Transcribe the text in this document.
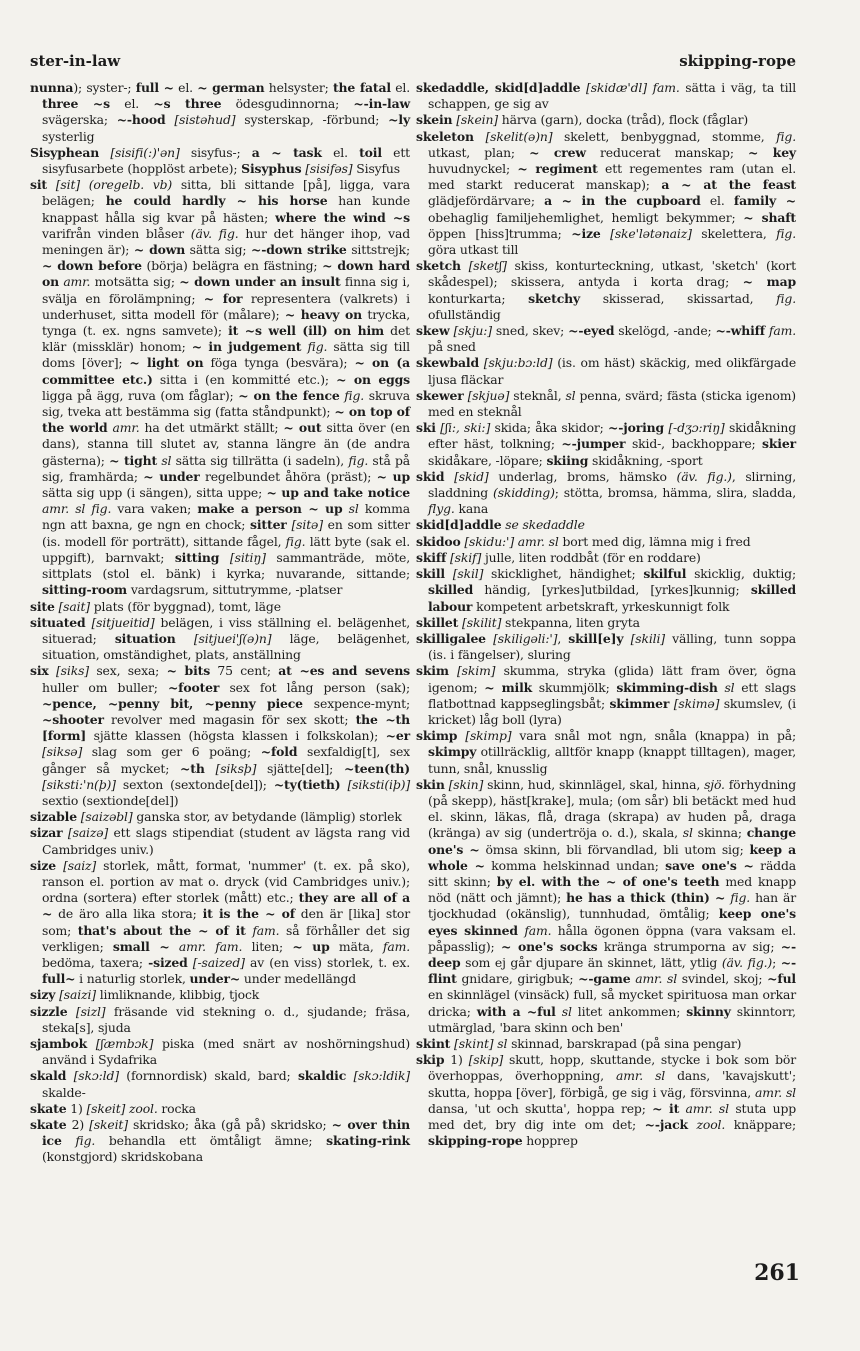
ster-in-law	skipping-rope

nunna); syster-; full ~ el. ~ german helsyster; the fatal el. three ~s el. ~s three ödesgudinnorna; ~-in-law svägerska; ~-hood [sistəhud] systerskap, -förbund; ~ly systerlig

Sisyphean [sisifi(:)'ən] sisyfus-; a ~ task el. toil ett sisyfusarbete (hopplöst arbete); Sisyphus [sisifəs] Sisyfus

sit [sit] (oregelb. vb) sitta, bli sittande [på], ligga, vara belägen; he could hardly ~ his horse han kunde knappast hålla sig kvar på hästen; where the wind ~s varifrån vinden blåser (äv. fig. hur det hänger ihop, vad meningen är); ~ down sätta sig; ~-down strike sittstrejk; ~ down before (börja) belägra en fästning; ~ down hard on amr. motsätta sig; ~ down under an insult finna sig i, svälja en förolämpning; ~ for representera (valkrets) i underhuset, sitta modell för (målare); ~ heavy on trycka, tynga (t. ex. ngns samvete); it ~s well (ill) on him det klär (missklär) honom; ~ in judgement fig. sätta sig till doms [över]; ~ light on föga tynga (besvära); ~ on (a committee etc.) sitta i (en kommitté etc.); ~ on eggs ligga på ägg, ruva (om fåglar); ~ on the fence fig. skruva sig, tveka att bestämma sig (fatta ståndpunkt); ~ on top of the world amr. ha det utmärkt ställt; ~ out sitta över (en dans), stanna till slutet av, stanna längre än (de andra gästerna); ~ tight sl sätta sig tillrätta (i sadeln), fig. stå på sig, framhärda; ~ under regelbundet åhöra (präst); ~ up sätta sig upp (i sängen), sitta uppe; ~ up and take notice amr. sl fig. vara vaken; make a person ~ up sl komma ngn att baxna, ge ngn en chock; sitter [sitə] en som sitter (is. modell för porträtt), sittande fågel, fig. lätt byte (sak el. uppgift), barnvakt; sitting [sitiŋ] sammanträde, möte, sittplats (stol el. bänk) i kyrka; nuvarande, sittande; sitting-room vardagsrum, sittutrymme, -platser

site [sait] plats (för byggnad), tomt, läge

situated [sitjueitid] belägen, i viss ställning el. belägenhet, situerad; situation [sitjuei'ʃ(ə)n] läge, belägenhet, situation, omständighet, plats, anställning

six [siks] sex, sexa; ~ bits 75 cent; at ~es and sevens huller om buller; ~footer sex fot lång person (sak); ~pence, ~penny bit, ~penny piece sexpence-mynt; ~shooter revolver med magasin för sex skott; the ~th [form] sjätte klassen (högsta klassen i folkskolan); ~er [siksə] slag som ger 6 poäng; ~fold sexfaldig[t], sex gånger så mycket; ~th [siksþ] sjätte[del]; ~teen(th) [siksti:'n(þ)] sexton (sextonde[del]); ~ty(tieth) [siksti(iþ)] sextio (sextionde[del])

sizable [saizəbl] ganska stor, av betydande (lämplig) storlek

sizar [saizə] ett slags stipendiat (student av lägsta rang vid Cambridges univ.)

size [saiz] storlek, mått, format, 'nummer' (t. ex. på sko), ranson el. portion av mat o. dryck (vid Cambridges univ.); ordna (sortera) efter storlek (mått) etc.; they are all of a ~ de äro alla lika stora; it is the ~ of den är [lika] stor som; that's about the ~ of it fam. så förhåller det sig verkligen; small ~ amr. fam. liten; ~ up mäta, fam. bedöma, taxera; -sized [-saized] av (en viss) storlek, t. ex. full~ i naturlig storlek, under~ under medellängd

sizy [saizi] limliknande, klibbig, tjock

sizzle [sizl] fräsande vid stekning o. d., sjudande; fräsa, steka[s], sjuda

sjambok [ʃæmbɔk] piska (med snärt av noshörningshud) använd i Sydafrika

skald [skɔ:ld] (fornnordisk) skald, bard; skaldic [skɔ:ldik] skalde-

skate 1) [skeit] zool. rocka

skate 2) [skeit] skridsko; åka (gå på) skridsko; ~ over thin ice fig. behandla ett ömtåligt ämne; skating-rink (konstgjord) skridskobana

skedaddle, skid[d]addle [skidæ'dl] fam. sätta i väg, ta till schappen, ge sig av

skein [skein] härva (garn), docka (tråd), flock (fåglar)

skeleton [skelit(ə)n] skelett, benbyggnad, stomme, fig. utkast, plan; ~ crew reducerat manskap; ~ key huvudnyckel; ~ regiment ett regementes ram (utan el. med starkt reducerat manskap); a ~ at the feast glädjefördärvare; a ~ in the cupboard el. family ~ obehaglig familjehemlighet, hemligt bekymmer; ~ shaft öppen [hiss]trumma; ~ize [ske'lətənaiz] skelettera, fig. göra utkast till

sketch [sketʃ] skiss, konturteckning, utkast, 'sketch' (kort skådespel); skissera, antyda i korta drag; ~ map konturkarta; sketchy skisserad, skissartad, fig. ofullständig

skew [skju:] sned, skev; ~-eyed skelögd, -ande; ~-whiff fam. på sned

skewbald [skju:bɔ:ld] (is. om häst) skäckig, med olikfärgade ljusa fläckar

skewer [skjuə] steknål, sl penna, svärd; fästa (sticka igenom) med en steknål

ski [ʃi:, ski:] skida; åka skidor; ~-joring [-dʒɔ:riŋ] skidåkning efter häst, tolkning; ~-jumper skid-, backhoppare; skier skidåkare, -löpare; skiing skidåkning, -sport

skid [skid] underlag, broms, hämsko (äv. fig.), slirning, sladdning (skidding); stötta, bromsa, hämma, slira, sladda, flyg. kana

skid[d]addle se skedaddle

skidoo [skidu:'] amr. sl bort med dig, lämna mig i fred

skiff [skif] julle, liten roddbåt (för en roddare)

skill [skil] skicklighet, händighet; skilful skicklig, duktig; skilled händig, [yrkes]utbildad, [yrkes]kunnig; skilled labour kompetent arbetskraft, yrkeskunnigt folk

skillet [skilit] stekpanna, liten gryta

skilligalee [skiligəli:'], skill[e]y [skili] välling, tunn soppa (is. i fängelser), sluring

skim [skim] skumma, stryka (glida) lätt fram över, ögna igenom; ~ milk skummjölk; skimming-dish sl ett slags flatbottnad kappseglingsbåt; skimmer [skimə] skumslev, (i kricket) låg boll (lyra)

skimp [skimp] vara snål mot ngn, snåla (knappa) in på; skimpy otillräcklig, alltför knapp (knappt tilltagen), mager, tunn, snål, knusslig

skin [skin] skinn, hud, skinnlägel, skal, hinna, sjö. förhydning (på skepp), häst[krake], mula; (om sår) bli betäckt med hud el. skinn, läkas, flå, draga (skrapa) av huden på, draga (kränga) av sig (undertröja o. d.), skala, sl skinna; change one's ~ ömsa skinn, bli förvandlad, bli utom sig; keep a whole ~ komma helskinnad undan; save one's ~ rädda sitt skinn; by el. with the ~ of one's teeth med knapp nöd (nätt och jämnt); he has a thick (thin) ~ fig. han är tjockhudad (okänslig), tunnhudad, ömtålig; keep one's eyes skinned fam. hålla ögonen öppna (vara vaksam el. påpasslig); ~ one's socks kränga strumporna av sig; ~-deep som ej går djupare än skinnet, lätt, ytlig (äv. fig.); ~-flint gnidare, girigbuk; ~-game amr. sl svindel, skoj; ~ful en skinnlägel (vinsäck) full, så mycket spirituosa man orkar dricka; with a ~ful sl litet ankommen; skinny skinntorr, utmärglad, 'bara skinn och ben'

skint [skint] sl skinnad, barskrapad (på sina pengar)

skip 1) [skip] skutt, hopp, skuttande, stycke i bok som bör överhoppas, överhoppning, amr. sl dans, 'kavajskutt'; skutta, hoppa [över], förbigå, ge sig i väg, försvinna, amr. sl dansa, 'ut och skutta', hoppa rep; ~ it amr. sl stuta upp med det, bry dig inte om det; ~-jack zool. knäppare; skipping-rope hopprep

261
